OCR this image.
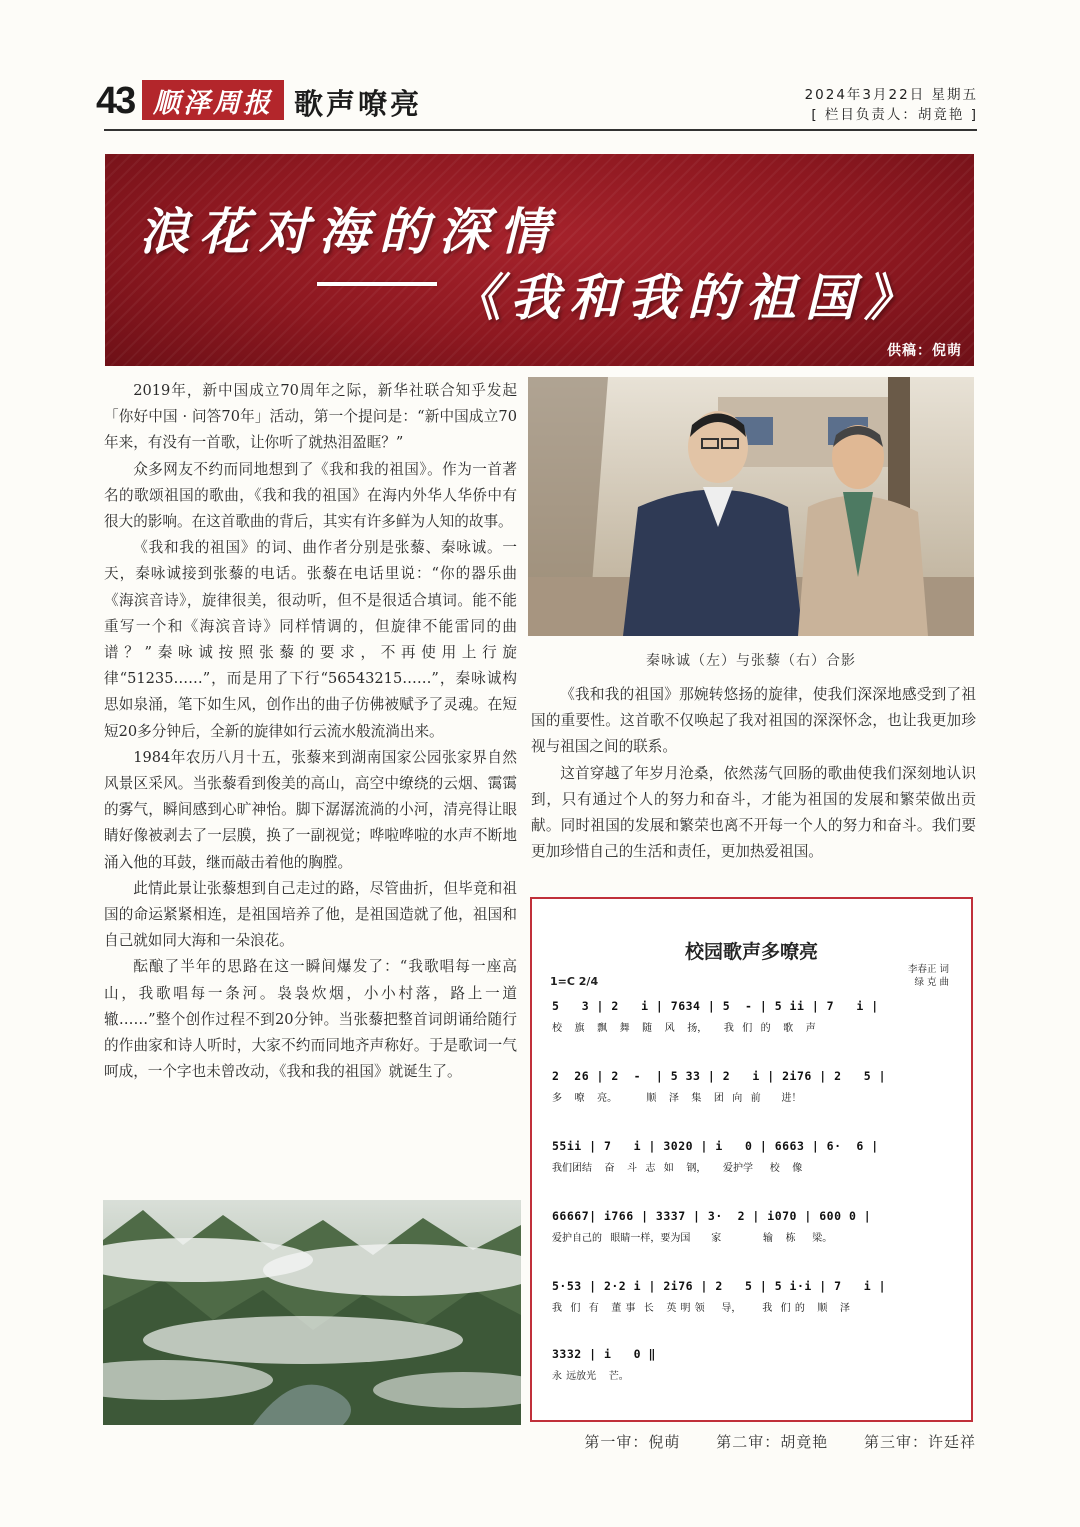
43 顺泽周报 歌声嘹亮	2024年3月22日 星期五
[ 栏目负责人：胡竟艳 ]
浪花对海的深情
《我和我的祖国》
供稿：倪萌

2019年，新中国成立70周年之际，新华社联合知乎发起「你好中国 · 问答70年」活动，第一个提问是：“新中国成立70年来，有没有一首歌，让你听了就热泪盈眶？”

众多网友不约而同地想到了《我和我的祖国》。作为一首著名的歌颂祖国的歌曲，《我和我的祖国》在海内外华人华侨中有很大的影响。在这首歌曲的背后，其实有许多鲜为人知的故事。

《我和我的祖国》的词、曲作者分别是张藜、秦咏诚。一天，秦咏诚接到张藜的电话。张藜在电话里说：“你的器乐曲《海滨音诗》，旋律很美，很动听，但不是很适合填词。能不能重写一个和《海滨音诗》同样情调的，但旋律不能雷同的曲谱？”秦咏诚按照张藜的要求，不再使用上行旋律“51235……”，而是用了下行“56543215……”，秦咏诚构思如泉涌，笔下如生风，创作出的曲子仿佛被赋予了灵魂。在短短20多分钟后，全新的旋律如行云流水般流淌出来。

1984年农历八月十五，张藜来到湖南国家公园张家界自然风景区采风。当张藜看到俊美的高山，高空中缭绕的云烟、霭霭的雾气，瞬间感到心旷神怡。脚下潺潺流淌的小河，清亮得让眼睛好像被剥去了一层膜，换了一副视觉；哗啦哗啦的水声不断地涌入他的耳鼓，继而敲击着他的胸膛。

此情此景让张藜想到自己走过的路，尽管曲折，但毕竟和祖国的命运紧紧相连，是祖国培养了他，是祖国造就了他，祖国和自己就如同大海和一朵浪花。

酝酿了半年的思路在这一瞬间爆发了：“我歌唱每一座高山，我歌唱每一条河。袅袅炊烟，小小村落，路上一道辙……”整个创作过程不到20分钟。当张藜把整首词朗诵给随行的作曲家和诗人听时，大家不约而同地齐声称好。于是歌词一气呵成，一个字也未曾改动，《我和我的祖国》就诞生了。

秦咏诚（左）与张藜（右）合影

《我和我的祖国》那婉转悠扬的旋律，使我们深深地感受到了祖国的重要性。这首歌不仅唤起了我对祖国的深深怀念，也让我更加珍视与祖国之间的联系。

这首穿越了年岁月沧桑，依然荡气回肠的歌曲使我们深刻地认识到，只有通过个人的努力和奋斗，才能为祖国的发展和繁荣做出贡献。同时祖国的发展和繁荣也离不开每一个人的努力和奋斗。我们要更加珍惜自己的生活和责任，更加热爱祖国。

校园歌声多嘹亮
1=C 2/4
李春正 词
绿 克 曲
5   3 | 2   i | 7634 | 5  - | 5 ii | 7   i |
校   旗   飘   舞   随   风   扬，    我  们  的   歌   声
2  26 | 2  -  | 5 33 | 2   i | 2i76 | 2   5 |
多   嘹   亮。       顺   泽   集   团  向  前     进！
55ii | 7   i | 3020 | i   0 | 6663 | 6·  6 |
我们团结   奋   斗  志  如   钢，    爱护学    校   像
66667| i766 | 3337 | 3·  2 | i070 | 600 0 |
爱护自己的  眼睛一样，要为国     家          输   栋    梁。
5·53 | 2·2 i | 2i76 | 2   5 | 5 i·i | 7   i |
我  们  有   董 事  长   英 明 领    导，     我  们 的   顺   泽
3332 | i   0 ‖
永 远放光   芒。
第一审：倪萌 第二审：胡竟艳 第三审：许廷祥
